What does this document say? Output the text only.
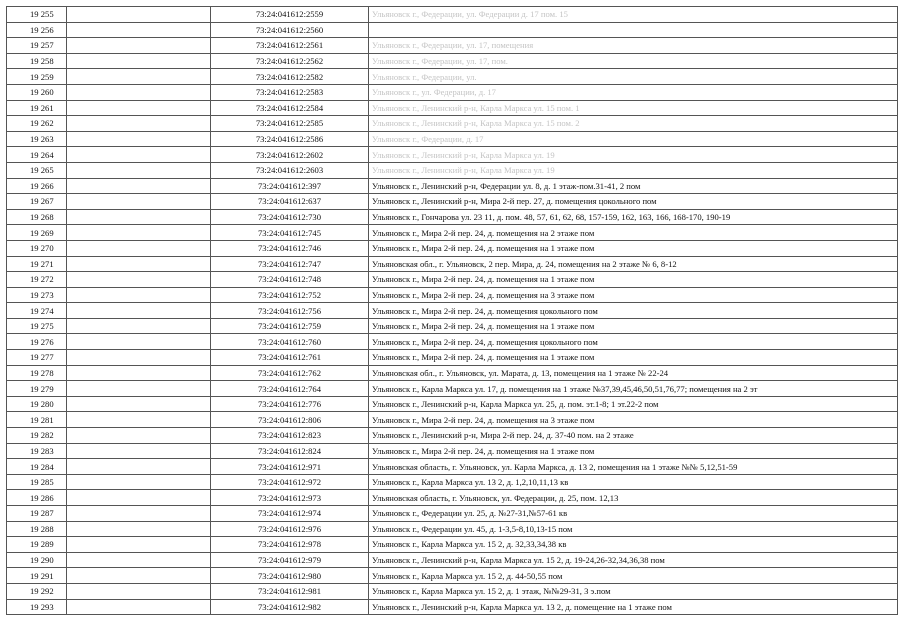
19 255		73:24:041612:2559	Ульяновск г., Федерации, ул. Федерации д. 17 пом. 15
19 256		73:24:041612:2560	
19 257		73:24:041612:2561	Ульяновск г., Федерации, ул. 17, помещения
19 258		73:24:041612:2562	Ульяновск г., Федерации, ул. 17, пом.
19 259		73:24:041612:2582	Ульяновск г., Федерации, ул.
19 260		73:24:041612:2583	Ульяновск г., ул. Федерации, д. 17
19 261		73:24:041612:2584	Ульяновск г., Ленинский р-н, Карла Маркса ул. 15 пом. 1
19 262		73:24:041612:2585	Ульяновск г., Ленинский р-н, Карла Маркса ул. 15 пом. 2
19 263		73:24:041612:2586	Ульяновск г., Федерации, д. 17
19 264		73:24:041612:2602	Ульяновск г., Ленинский р-н, Карла Маркса ул. 19
19 265		73:24:041612:2603	Ульяновск г., Ленинский р-н, Карла Маркса ул. 19
19 266		73:24:041612:397	Ульяновск г., Ленинский р-н, Федерации ул. 8, д. 1 этаж-пом.31-41, 2 пом
19 267		73:24:041612:637	Ульяновск г., Ленинский р-н, Мира 2-й пер. 27, д. помещения цокольного пом
19 268		73:24:041612:730	Ульяновск г., Гончарова ул. 23 11, д. пом. 48, 57, 61, 62, 68, 157-159, 162, 163, 166, 168-170, 190-19
19 269		73:24:041612:745	Ульяновск г., Мира 2-й пер. 24, д. помещения на 2 этаже пом
19 270		73:24:041612:746	Ульяновск г., Мира 2-й пер. 24, д. помещения на 1 этаже пом
19 271		73:24:041612:747	Ульяновская обл., г. Ульяновск, 2 пер. Мира, д. 24, помещения на 2 этаже № 6, 8-12
19 272		73:24:041612:748	Ульяновск г., Мира 2-й пер. 24, д. помещения на 1 этаже пом
19 273		73:24:041612:752	Ульяновск г., Мира 2-й пер. 24, д. помещения на 3 этаже пом
19 274		73:24:041612:756	Ульяновск г., Мира 2-й пер. 24, д. помещения цокольного пом
19 275		73:24:041612:759	Ульяновск г., Мира 2-й пер. 24, д. помещения на 1 этаже пом
19 276		73:24:041612:760	Ульяновск г., Мира 2-й пер. 24, д. помещения цокольного пом
19 277		73:24:041612:761	Ульяновск г., Мира 2-й пер. 24, д. помещения на 1 этаже пом
19 278		73:24:041612:762	Ульяновская обл., г. Ульяновск, ул. Марата, д. 13, помещения на 1 этаже № 22-24
19 279		73:24:041612:764	Ульяновск г., Карла Маркса ул. 17, д. помещения на 1 этаже №37,39,45,46,50,51,76,77; помещения на 2 эт
19 280		73:24:041612:776	Ульяновск г., Ленинский р-н, Карла Маркса ул. 25, д. пом. эт.1-8; 1 эт.22-2 пом
19 281		73:24:041612:806	Ульяновск г., Мира 2-й пер. 24, д. помещения на 3 этаже пом
19 282		73:24:041612:823	Ульяновск г., Ленинский р-н, Мира 2-й пер. 24, д. 37-40 пом. на 2 этаже
19 283		73:24:041612:824	Ульяновск г., Мира 2-й пер. 24, д. помещения на 1 этаже пом
19 284		73:24:041612:971	Ульяновская область, г. Ульяновск, ул. Карла Маркса, д. 13 2, помещения на 1 этаже №№ 5,12,51-59
19 285		73:24:041612:972	Ульяновск г., Карла Маркса ул. 13 2, д. 1,2,10,11,13 кв
19 286		73:24:041612:973	Ульяновская область, г. Ульяновск, ул. Федерации, д. 25, пом. 12,13
19 287		73:24:041612:974	Ульяновск г., Федерации ул. 25, д. №27-31,№57-61 кв
19 288		73:24:041612:976	Ульяновск г., Федерации ул. 45, д. 1-3,5-8,10,13-15 пом
19 289		73:24:041612:978	Ульяновск г., Карла Маркса ул. 15 2, д. 32,33,34,38 кв
19 290		73:24:041612:979	Ульяновск г., Ленинский р-н, Карла Маркса ул. 15 2, д. 19-24,26-32,34,36,38 пом
19 291		73:24:041612:980	Ульяновск г., Карла Маркса ул. 15 2, д. 44-50,55 пом
19 292		73:24:041612:981	Ульяновск г., Карла Маркса ул. 15 2, д. 1 этаж, №№29-31, 3 э.пом
19 293		73:24:041612:982	Ульяновск г., Ленинский р-н, Карла Маркса ул. 13 2, д. помещение на 1 этаже пом
